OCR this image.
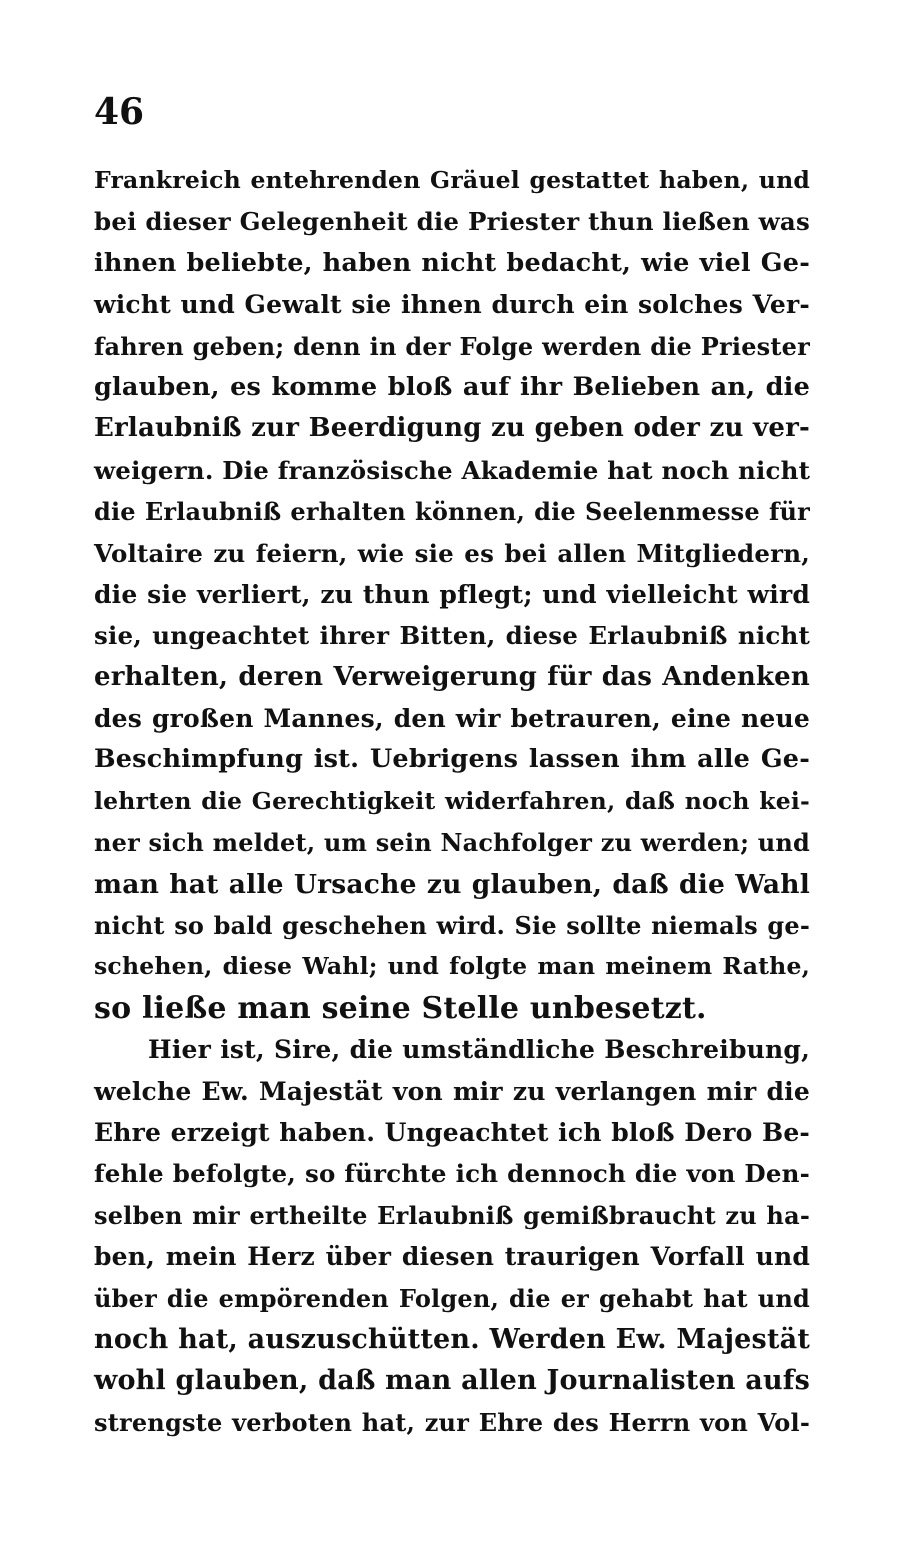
46
Frankreich entehrenden Gräuel gestattet haben, und
bei dieser Gelegenheit die Priester thun ließen was
ihnen beliebte, haben nicht bedacht, wie viel Ge-
wicht und Gewalt sie ihnen durch ein solches Ver-
fahren geben; denn in der Folge werden die Priester
glauben, es komme bloß auf ihr Belieben an, die
Erlaubniß zur Beerdigung zu geben oder zu ver-
weigern. Die französische Akademie hat noch nicht
die Erlaubniß erhalten können, die Seelenmesse für
Voltaire zu feiern, wie sie es bei allen Mitgliedern,
die sie verliert, zu thun pflegt; und vielleicht wird
sie, ungeachtet ihrer Bitten, diese Erlaubniß nicht
erhalten, deren Verweigerung für das Andenken
des großen Mannes, den wir betrauren, eine neue
Beschimpfung ist. Uebrigens lassen ihm alle Ge-
lehrten die Gerechtigkeit widerfahren, daß noch kei-
ner sich meldet, um sein Nachfolger zu werden; und
man hat alle Ursache zu glauben, daß die Wahl
nicht so bald geschehen wird. Sie sollte niemals ge-
schehen, diese Wahl; und folgte man meinem Rathe,
so ließe man seine Stelle unbesetzt.
Hier ist, Sire, die umständliche Beschreibung,
welche Ew. Majestät von mir zu verlangen mir die
Ehre erzeigt haben. Ungeachtet ich bloß Dero Be-
fehle befolgte, so fürchte ich dennoch die von Den-
selben mir ertheilte Erlaubniß gemißbraucht zu ha-
ben, mein Herz über diesen traurigen Vorfall und
über die empörenden Folgen, die er gehabt hat und
noch hat, auszuschütten. Werden Ew. Majestät
wohl glauben, daß man allen Journalisten aufs
strengste verboten hat, zur Ehre des Herrn von Vol-
